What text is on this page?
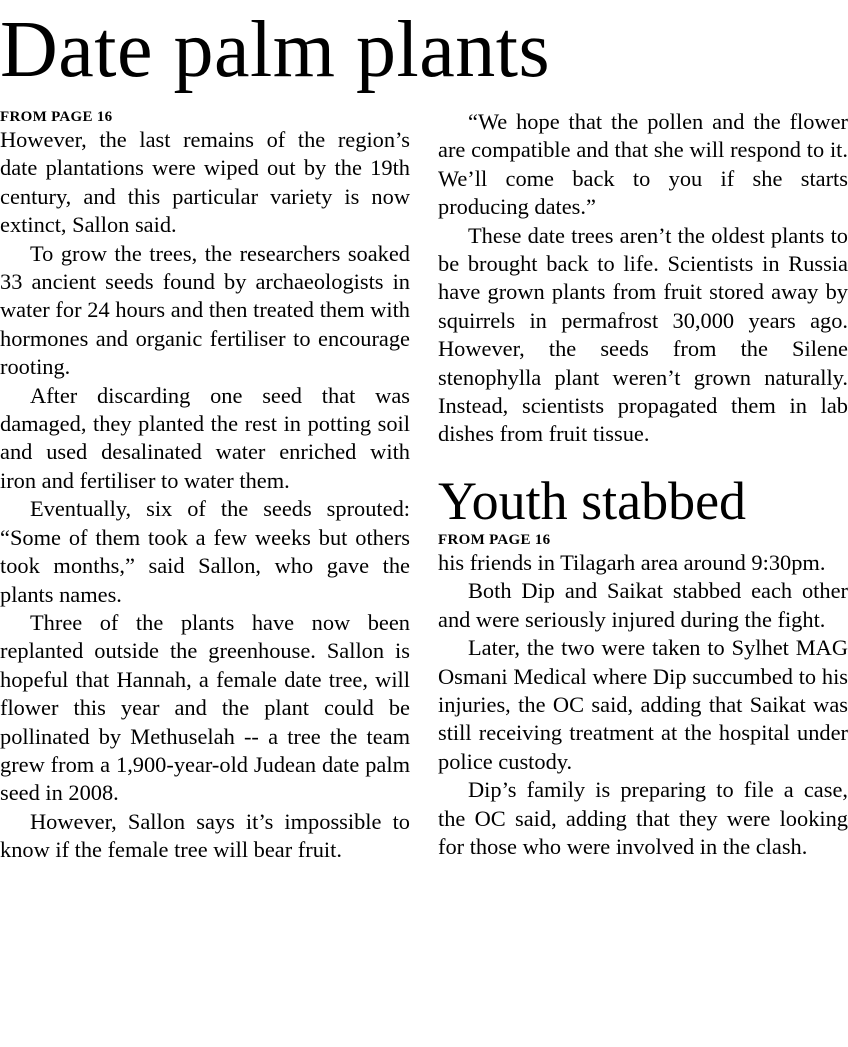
Date palm plants
FROM PAGE 16

However, the last remains of the region’s date plantations were wiped out by the 19th century, and this particular variety is now extinct, Sallon said.

To grow the trees, the researchers soaked 33 ancient seeds found by archaeologists in water for 24 hours and then treated them with hormones and organic fertiliser to encourage rooting.

After discarding one seed that was damaged, they planted the rest in potting soil and used desalinated water enriched with iron and fertiliser to water them.

Eventually, six of the seeds sprouted: “Some of them took a few weeks but others took months,” said Sallon, who gave the plants names.

Three of the plants have now been replanted outside the greenhouse. Sallon is hopeful that Hannah, a female date tree, will flower this year and the plant could be pollinated by Methuselah -- a tree the team grew from a 1,900-year-old Judean date palm seed in 2008.

However, Sallon says it’s impossible to know if the female tree will bear fruit.

“We hope that the pollen and the flower are compatible and that she will respond to it. We’ll come back to you if she starts producing dates.”

These date trees aren’t the oldest plants to be brought back to life. Scientists in Russia have grown plants from fruit stored away by squirrels in permafrost 30,000 years ago. However, the seeds from the Silene stenophylla plant weren’t grown naturally. Instead, scientists propagated them in lab dishes from fruit tissue.

Youth stabbed
FROM PAGE 16

his friends in Tilagarh area around 9:30pm.

Both Dip and Saikat stabbed each other and were seriously injured during the fight.

Later, the two were taken to Sylhet MAG Osmani Medical where Dip succumbed to his injuries, the OC said, adding that Saikat was still receiving treatment at the hospital under police custody.

Dip’s family is preparing to file a case, the OC said, adding that they were looking for those who were involved in the clash.
